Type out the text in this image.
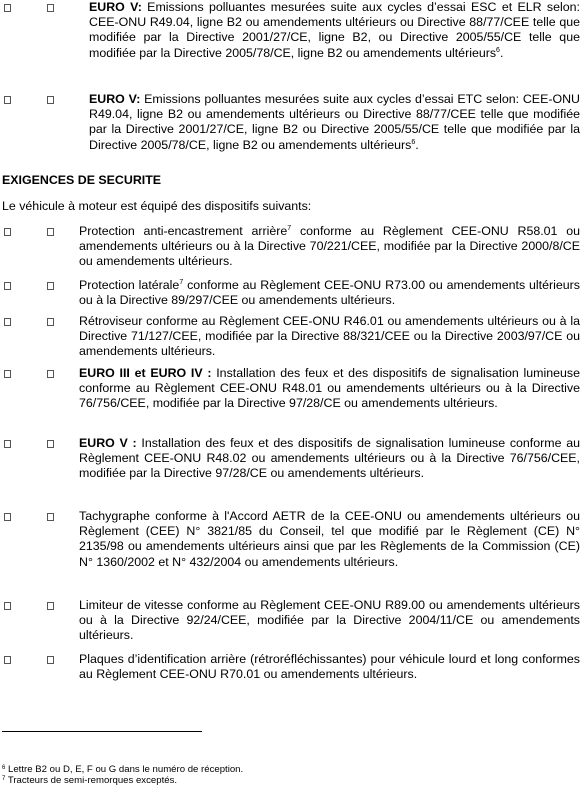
EURO V: Emissions polluantes mesurées suite aux cycles d’essai ESC et ELR selon: CEE-ONU R49.04, ligne B2 ou amendements ultérieurs ou Directive 88/77/CEE telle que modifiée par la Directive 2001/27/CE, ligne B2, ou Directive 2005/55/CE telle que modifiée par la Directive 2005/78/CE, ligne B2 ou amendements ultérieurs$^6$.
EURO V: Emissions polluantes mesurées suite aux cycles d’essai ETC selon: CEE-ONU R49.04, ligne B2 ou amendements ultérieurs ou Directive 88/77/CEE telle que modifiée par la Directive 2001/27/CE, ligne B2 ou Directive 2005/55/CE telle que modifiée par la Directive 2005/78/CE, ligne B2 ou amendements ultérieurs$^6$.
EXIGENCES DE SECURITE
Le véhicule à moteur est équipé des dispositifs suivants:
Protection anti-encastrement arrière$^7$ conforme au Règlement CEE-ONU R58.01 ou amendements ultérieurs ou à la Directive 70/221/CEE, modifiée par la Directive 2000/8/CE ou amendements ultérieurs.
Protection latérale$^7$ conforme au Règlement CEE-ONU R73.00 ou amendements ultérieurs ou à la Directive 89/297/CEE ou amendements ultérieurs.
Rétroviseur conforme au Règlement CEE-ONU R46.01 ou amendements ultérieurs ou à la Directive 71/127/CEE, modifiée par la Directive 88/321/CEE ou la Directive 2003/97/CE ou amendements ultérieurs.
EURO III et EURO IV : Installation des feux et des dispositifs de signalisation lumineuse conforme au Règlement CEE-ONU R48.01 ou amendements ultérieurs ou à la Directive 76/756/CEE, modifiée par la Directive 97/28/CE ou amendements ultérieurs.
EURO V : Installation des feux et des dispositifs de signalisation lumineuse conforme au Règlement CEE-ONU R48.02 ou amendements ultérieurs ou à la Directive 76/756/CEE, modifiée par la Directive 97/28/CE ou amendements ultérieurs.
Tachygraphe conforme à l'Accord AETR de la CEE-ONU ou amendements ultérieurs ou Règlement (CEE) N° 3821/85 du Conseil, tel que modifié par le Règlement (CE) N° 2135/98 ou amendements ultérieurs ainsi que par les Règlements de la Commission (CE) N° 1360/2002 et N° 432/2004 ou amendements ultérieurs.
Limiteur de vitesse conforme au Règlement CEE-ONU R89.00 ou amendements ultérieurs ou à la Directive 92/24/CEE, modifiée par la Directive 2004/11/CE ou amendements ultérieurs.
Plaques d’identification arrière (rétroréfléchissantes) pour véhicule lourd et long conformes au Règlement CEE-ONU R70.01 ou amendements ultérieurs.
$^6$ Lettre B2 ou D, E, F ou G dans le numéro de réception.
$^7$ Tracteurs de semi-remorques exceptés.
